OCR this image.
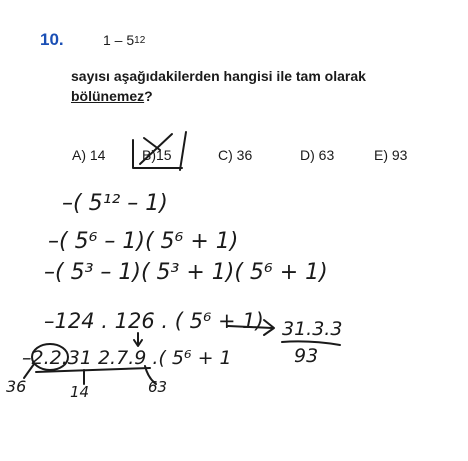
10.	$1 - 5^{12}$
sayısı aşağıdakilerden hangisi ile tam olarak bölünemez?
A) 14	B)15	C) 36	D) 63	E) 93
–( 5¹² – 1)
–( 5⁶ – 1)( 5⁶ + 1)
–( 5³ – 1)( 5³ + 1)( 5⁶ + 1)
–124 . 126 . ( 5⁶ + 1)
–2.2.31 2.7.9 .( 5⁶ + 1
31.3.3
93
36	14	63
